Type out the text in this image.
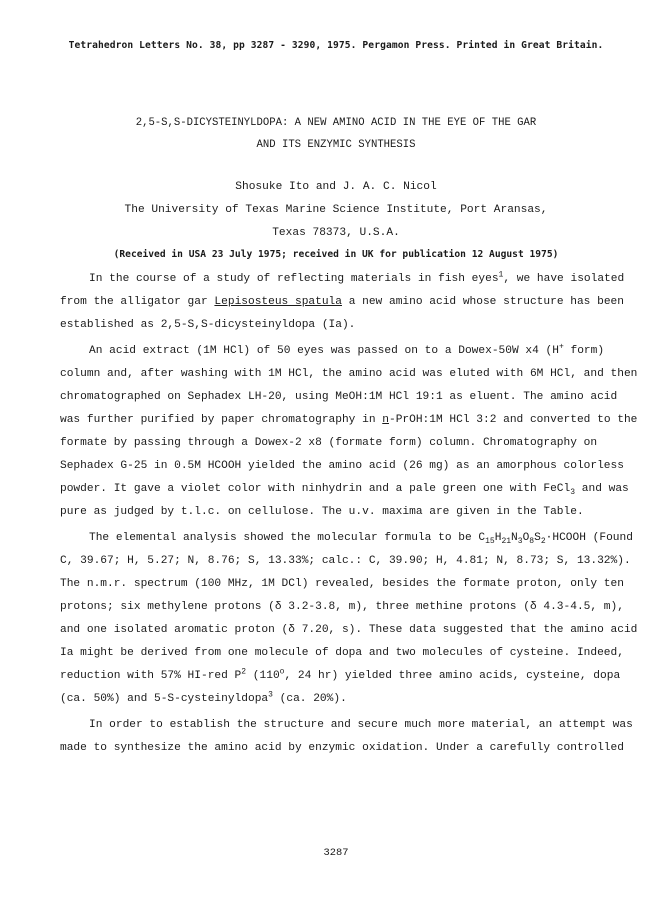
Tetrahedron Letters No. 38, pp 3287 - 3290, 1975. Pergamon Press. Printed in Great Britain.
2,5-S,S-DICYSTEINYLDOPA: A NEW AMINO ACID IN THE EYE OF THE GAR
AND ITS ENZYMIC SYNTHESIS
Shosuke Ito and J. A. C. Nicol
The University of Texas Marine Science Institute, Port Aransas,
Texas 78373, U.S.A.
(Received in USA 23 July 1975; received in UK for publication 12 August 1975)
In the course of a study of reflecting materials in fish eyes$^1$, we have isolated
from the alligator gar Lepisosteus spatula a new amino acid whose structure has been
established as 2,5-S,S-dicysteinyldopa (Ia).
An acid extract (1M HCl) of 50 eyes was passed on to a Dowex-50W x4 (H+ form)
column and, after washing with 1M HCl, the amino acid was eluted with 6M HCl, and then
chromatographed on Sephadex LH-20, using MeOH:1M HCl 19:1 as eluent. The amino acid
was further purified by paper chromatography in n-PrOH:1M HCl 3:2 and converted to the
formate by passing through a Dowex-2 x8 (formate form) column. Chromatography on
Sephadex G-25 in 0.5M HCOOH yielded the amino acid (26 mg) as an amorphous colorless
powder. It gave a violet color with ninhydrin and a pale green one with FeCl$_3$ and was
pure as judged by t.l.c. on cellulose. The u.v. maxima are given in the Table.
The elemental analysis showed the molecular formula to be $C_{15}H_{21}N_3O_8S_2\cdot HCOOH$ (Found
C, 39.67; H, 5.27; N, 8.76; S, 13.33%; calc.: C, 39.90; H, 4.81; N, 8.73; S, 13.32%).
The n.m.r. spectrum (100 MHz, 1M DCl) revealed, besides the formate proton, only ten
protons; six methylene protons (δ 3.2-3.8, m), three methine protons (δ 4.3-4.5, m),
and one isolated aromatic proton (δ 7.20, s). These data suggested that the amino acid
Ia might be derived from one molecule of dopa and two molecules of cysteine. Indeed,
reduction with 57% HI-red $P^2$ (110$^o$, 24 hr) yielded three amino acids, cysteine, dopa
(ca. 50%) and 5-S-cysteinyldopa$^3$ (ca. 20%).
In order to establish the structure and secure much more material, an attempt was
made to synthesize the amino acid by enzymic oxidation. Under a carefully controlled
3287
